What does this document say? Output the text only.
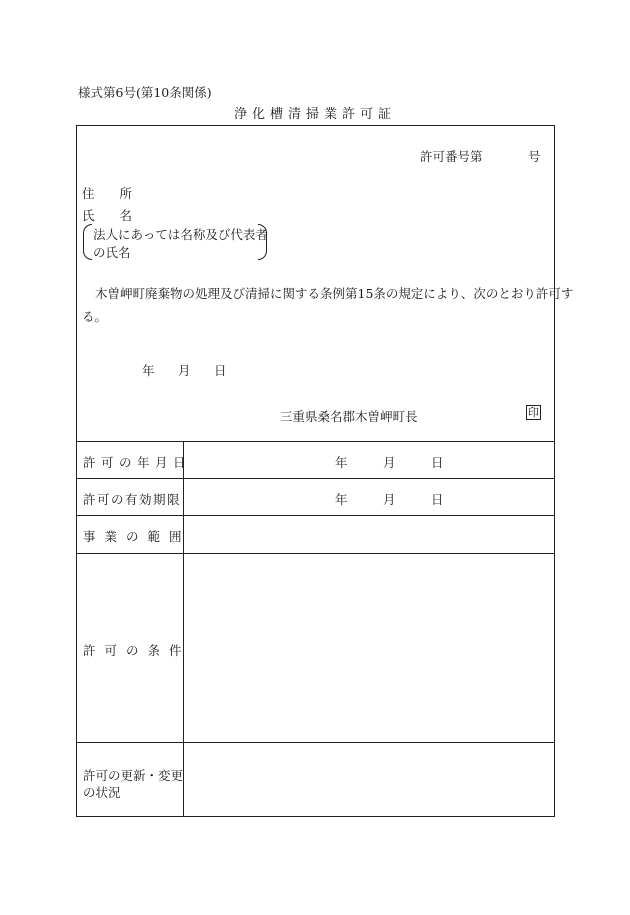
様式第6号(第10条関係)
浄化槽清掃業許可証
許可番号第	号
住　　所
氏　　名
法人にあっては名称及び代表者
の氏名
木曽岬町廃棄物の処理及び清掃に関する条例第15条の規定により、次のとおり許可す
る。
年 月 日
三重県桑名郡木曽岬町長	印
許可の年月日	年	月	日
許可の有効期限	年	月	日
事業の範囲
許可の条件
許可の更新・変更
の状況
